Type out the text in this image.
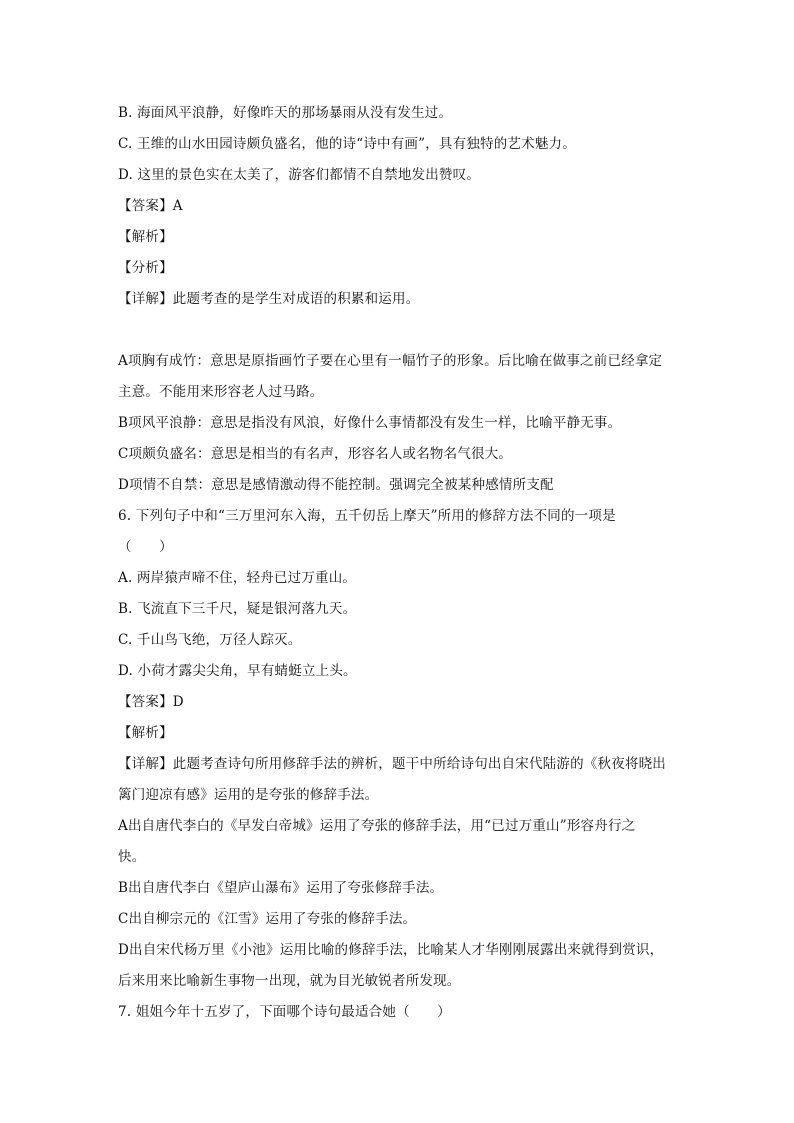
B. 海面风平浪静，好像昨天的那场暴雨从没有发生过。
C. 王维的山水田园诗颇负盛名，他的诗“诗中有画”，具有独特的艺术魅力。
D. 这里的景色实在太美了，游客们都情不自禁地发出赞叹。
【答案】A
【解析】
【分析】
【详解】此题考查的是学生对成语的积累和运用。
A项胸有成竹：意思是原指画竹子要在心里有一幅竹子的形象。后比喻在做事之前已经拿定
主意。不能用来形容老人过马路。
B项风平浪静：意思是指没有风浪，好像什么事情都没有发生一样，比喻平静无事。
C项颇负盛名：意思是相当的有名声，形容名人或名物名气很大。
D项情不自禁：意思是感情激动得不能控制。强调完全被某种感情所支配
6. 下列句子中和“三万里河东入海，五千仞岳上摩天”所用的修辞方法不同的一项是
（　　）
A. 两岸猿声啼不住，轻舟已过万重山。
B. 飞流直下三千尺，疑是银河落九天。
C. 千山鸟飞绝，万径人踪灭。
D. 小荷才露尖尖角，早有蜻蜓立上头。
【答案】D
【解析】
【详解】此题考查诗句所用修辞手法的辨析，题干中所给诗句出自宋代陆游的《秋夜将晓出
篱门迎凉有感》运用的是夸张的修辞手法。
A出自唐代李白的《早发白帝城》运用了夸张的修辞手法，用“已过万重山”形容舟行之
快。
B出自唐代李白《望庐山瀑布》运用了夸张修辞手法。
C出自柳宗元的《江雪》运用了夸张的修辞手法。
D出自宋代杨万里《小池》运用比喻的修辞手法，比喻某人才华刚刚展露出来就得到赏识，
后来用来比喻新生事物一出现，就为目光敏锐者所发现。
7. 姐姐今年十五岁了，下面哪个诗句最适合她（　　）
